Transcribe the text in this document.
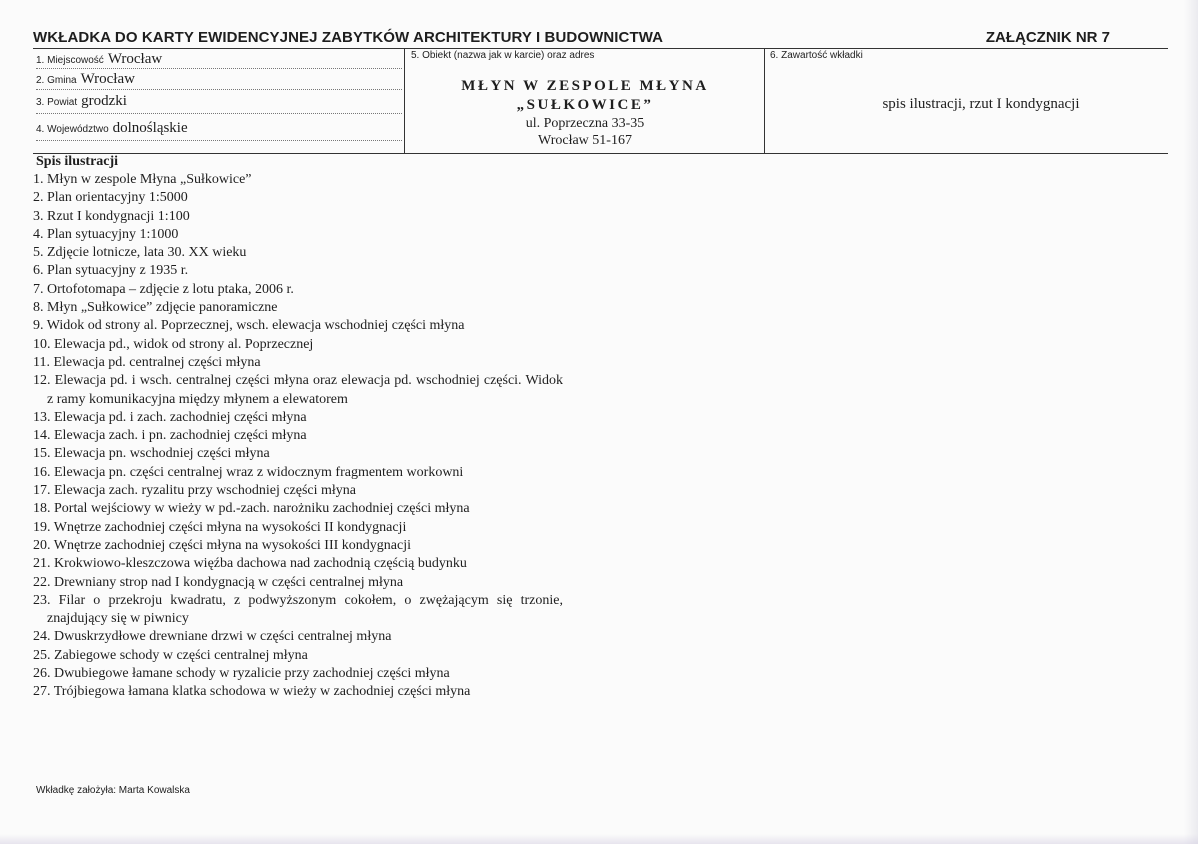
WKŁADKA DO KARTY EWIDENCYJNEJ ZABYTKÓW ARCHITEKTURY I BUDOWNICTWA	ZAŁĄCZNIK NR 7
1. Miejscowość Wrocław
2. Gmina Wrocław
3. Powiat grodzki
4. Województwo dolnośląskie
5. Obiekt (nazwa jak w karcie) oraz adres
MŁYN W ZESPOLE MŁYNA
„SUŁKOWICE”
ul. Poprzeczna 33-35
Wrocław 51-167
6. Zawartość wkładki
spis ilustracji, rzut I kondygnacji
Spis ilustracji
1. Młyn w zespole Młyna „Sułkowice”
2. Plan orientacyjny 1:5000
3. Rzut I kondygnacji 1:100
4. Plan sytuacyjny 1:1000
5. Zdjęcie lotnicze, lata 30. XX wieku
6. Plan sytuacyjny z 1935 r.
7. Ortofotomapa – zdjęcie z lotu ptaka, 2006 r.
8. Młyn „Sułkowice” zdjęcie panoramiczne
9. Widok od strony al. Poprzecznej, wsch. elewacja wschodniej części młyna
10. Elewacja pd., widok od strony al. Poprzecznej
11. Elewacja pd. centralnej części młyna
12. Elewacja pd. i wsch. centralnej części młyna oraz elewacja pd. wschodniej części. Widok z ramy komunikacyjna między młynem a elewatorem
13. Elewacja pd. i zach. zachodniej części młyna
14. Elewacja zach. i pn. zachodniej części młyna
15. Elewacja pn. wschodniej części młyna
16. Elewacja pn. części centralnej wraz z widocznym fragmentem workowni
17. Elewacja zach. ryzalitu przy wschodniej części młyna
18. Portal wejściowy w wieży w pd.-zach. narożniku zachodniej części młyna
19. Wnętrze zachodniej części młyna na wysokości II kondygnacji
20. Wnętrze zachodniej części młyna na wysokości III kondygnacji
21. Krokwiowo-kleszczowa więźba dachowa nad zachodnią częścią budynku
22. Drewniany strop nad I kondygnacją w części centralnej młyna
23. Filar o przekroju kwadratu, z podwyższonym cokołem, o zwężającym się trzonie, znajdujący się w piwnicy
24. Dwuskrzydłowe drewniane drzwi w części centralnej młyna
25. Zabiegowe schody w części centralnej młyna
26. Dwubiegowe łamane schody w ryzalicie przy zachodniej części młyna
27. Trójbiegowa łamana klatka schodowa w wieży w zachodniej części młyna
Wkładkę założyła: Marta Kowalska
